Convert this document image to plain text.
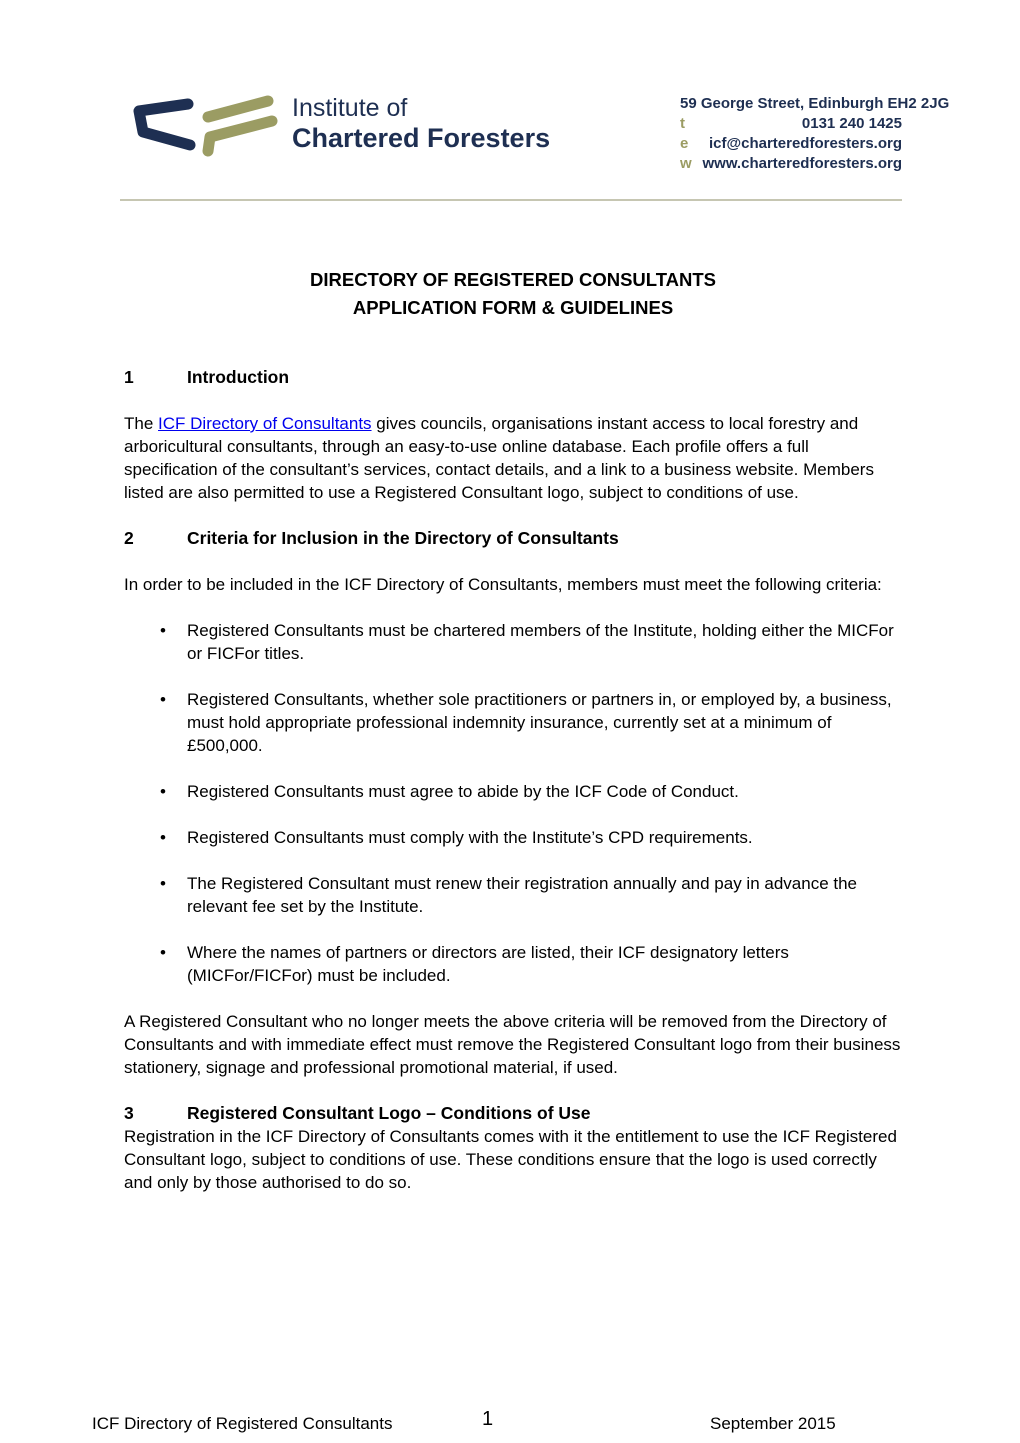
Institute of
Chartered Foresters
59 George Street, Edinburgh EH2 2JG
t	0131 240 1425
e icf@charteredforesters.org
w www.charteredforesters.org
DIRECTORY OF REGISTERED CONSULTANTS
APPLICATION FORM & GUIDELINES
1	Introduction

The ICF Directory of Consultants gives councils, organisations instant access to local forestry and arboricultural consultants, through an easy-to-use online database. Each profile offers a full specification of the consultant’s services, contact details, and a link to a business website. Members listed are also permitted to use a Registered Consultant logo, subject to conditions of use.

2	Criteria for Inclusion in the Directory of Consultants

In order to be included in the ICF Directory of Consultants, members must meet the following criteria:

• Registered Consultants must be chartered members of the Institute, holding either the MICFor or FICFor titles.
• Registered Consultants, whether sole practitioners or partners in, or employed by, a business, must hold appropriate professional indemnity insurance, currently set at a minimum of £500,000.
• Registered Consultants must agree to abide by the ICF Code of Conduct.
• Registered Consultants must comply with the Institute’s CPD requirements.
• The Registered Consultant must renew their registration annually and pay in advance the relevant fee set by the Institute.
• Where the names of partners or directors are listed, their ICF designatory letters (MICFor/FICFor) must be included.

A Registered Consultant who no longer meets the above criteria will be removed from the Directory of Consultants and with immediate effect must remove the Registered Consultant logo from their business stationery, signage and professional promotional material, if used.

3	Registered Consultant Logo – Conditions of Use

Registration in the ICF Directory of Consultants comes with it the entitlement to use the ICF Registered Consultant logo, subject to conditions of use. These conditions ensure that the logo is used correctly and only by those authorised to do so.

ICF Directory of Registered Consultants	1	September 2015
